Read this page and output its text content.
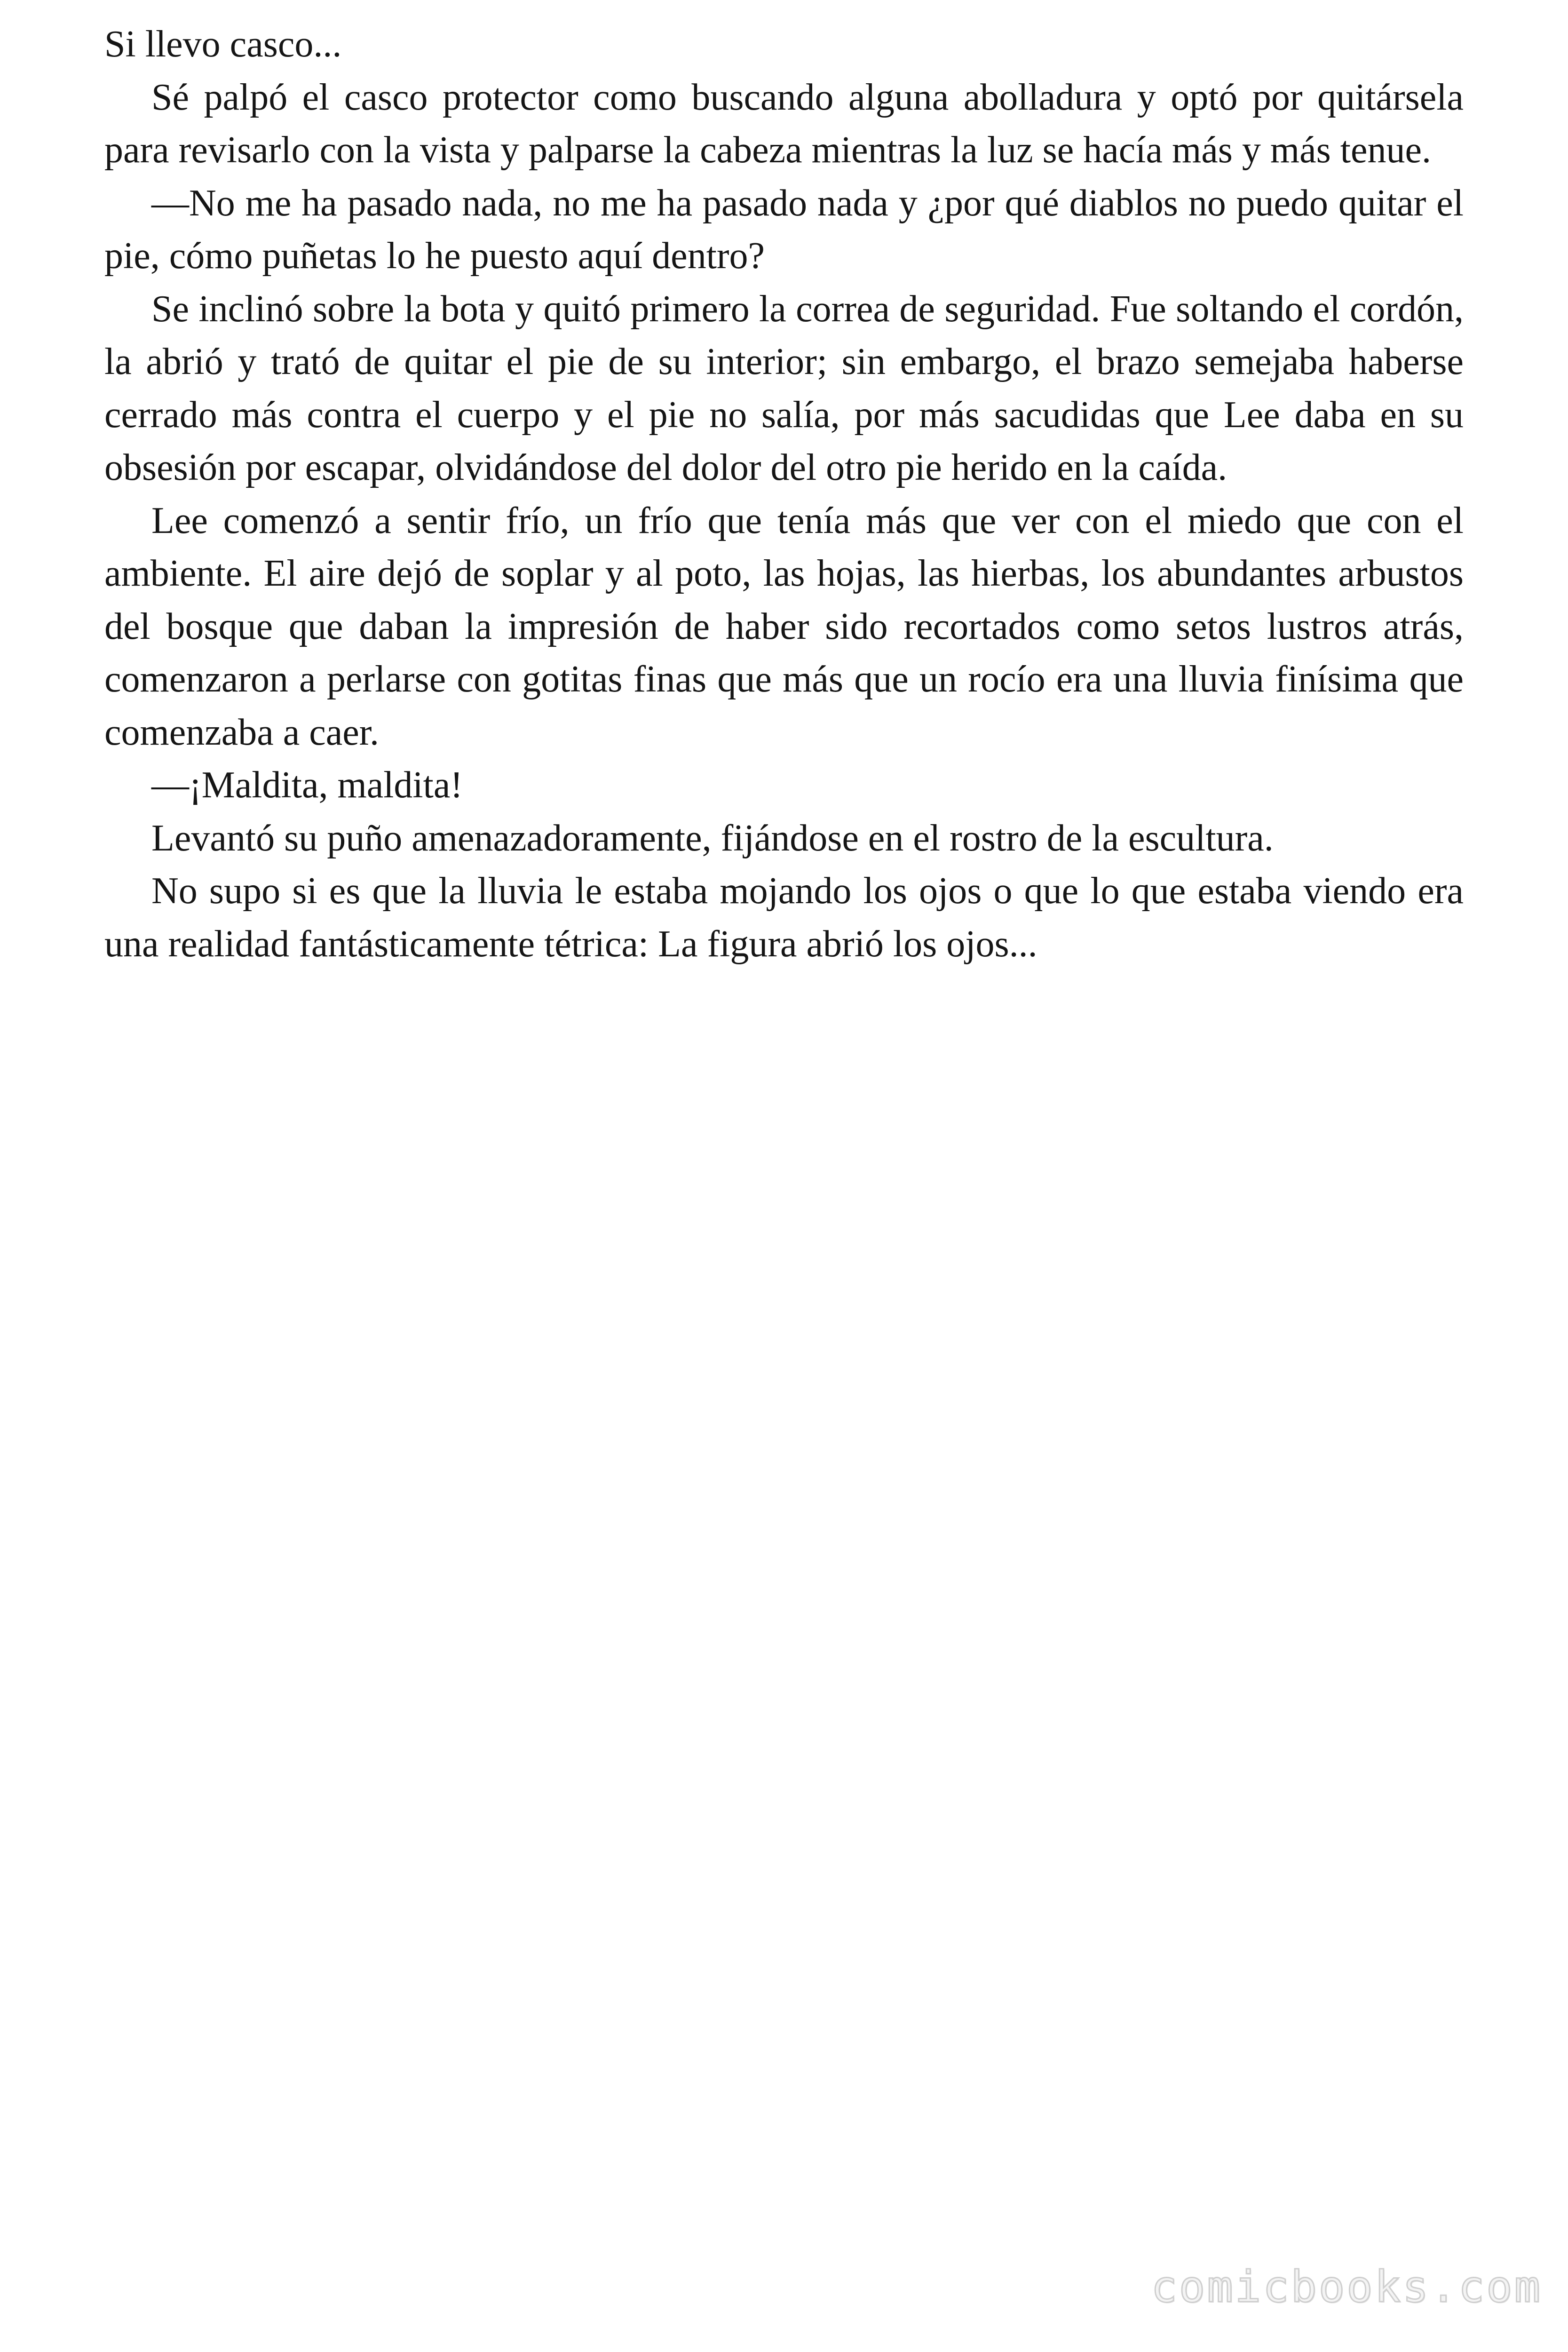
Si llevo casco...

Sé palpó el casco protector como buscando alguna abolladura y optó por quitársela para revisarlo con la vista y palparse la cabeza mientras la luz se hacía más y más tenue.

—No me ha pasado nada, no me ha pasado nada y ¿por qué diablos no puedo quitar el pie, cómo puñetas lo he puesto aquí dentro?

Se inclinó sobre la bota y quitó primero la correa de seguridad. Fue soltando el cordón, la abrió y trató de quitar el pie de su interior; sin embargo, el brazo semejaba haberse cerrado más contra el cuerpo y el pie no salía, por más sacudidas que Lee daba en su obsesión por escapar, olvidándose del dolor del otro pie herido en la caída.

Lee comenzó a sentir frío, un frío que tenía más que ver con el miedo que con el ambiente. El aire dejó de soplar y al poto, las hojas, las hierbas, los abundantes arbustos del bosque que daban la impresión de haber sido recortados como setos lustros atrás, comenzaron a perlarse con gotitas finas que más que un rocío era una lluvia finísima que comenzaba a caer.

—¡Maldita, maldita!

Levantó su puño amenazadoramente, fijándose en el rostro de la escultura.

No supo si es que la lluvia le estaba mojando los ojos o que lo que estaba viendo era una realidad fantásticamente tétrica: La figura abrió los ojos...

comicbooks.com
